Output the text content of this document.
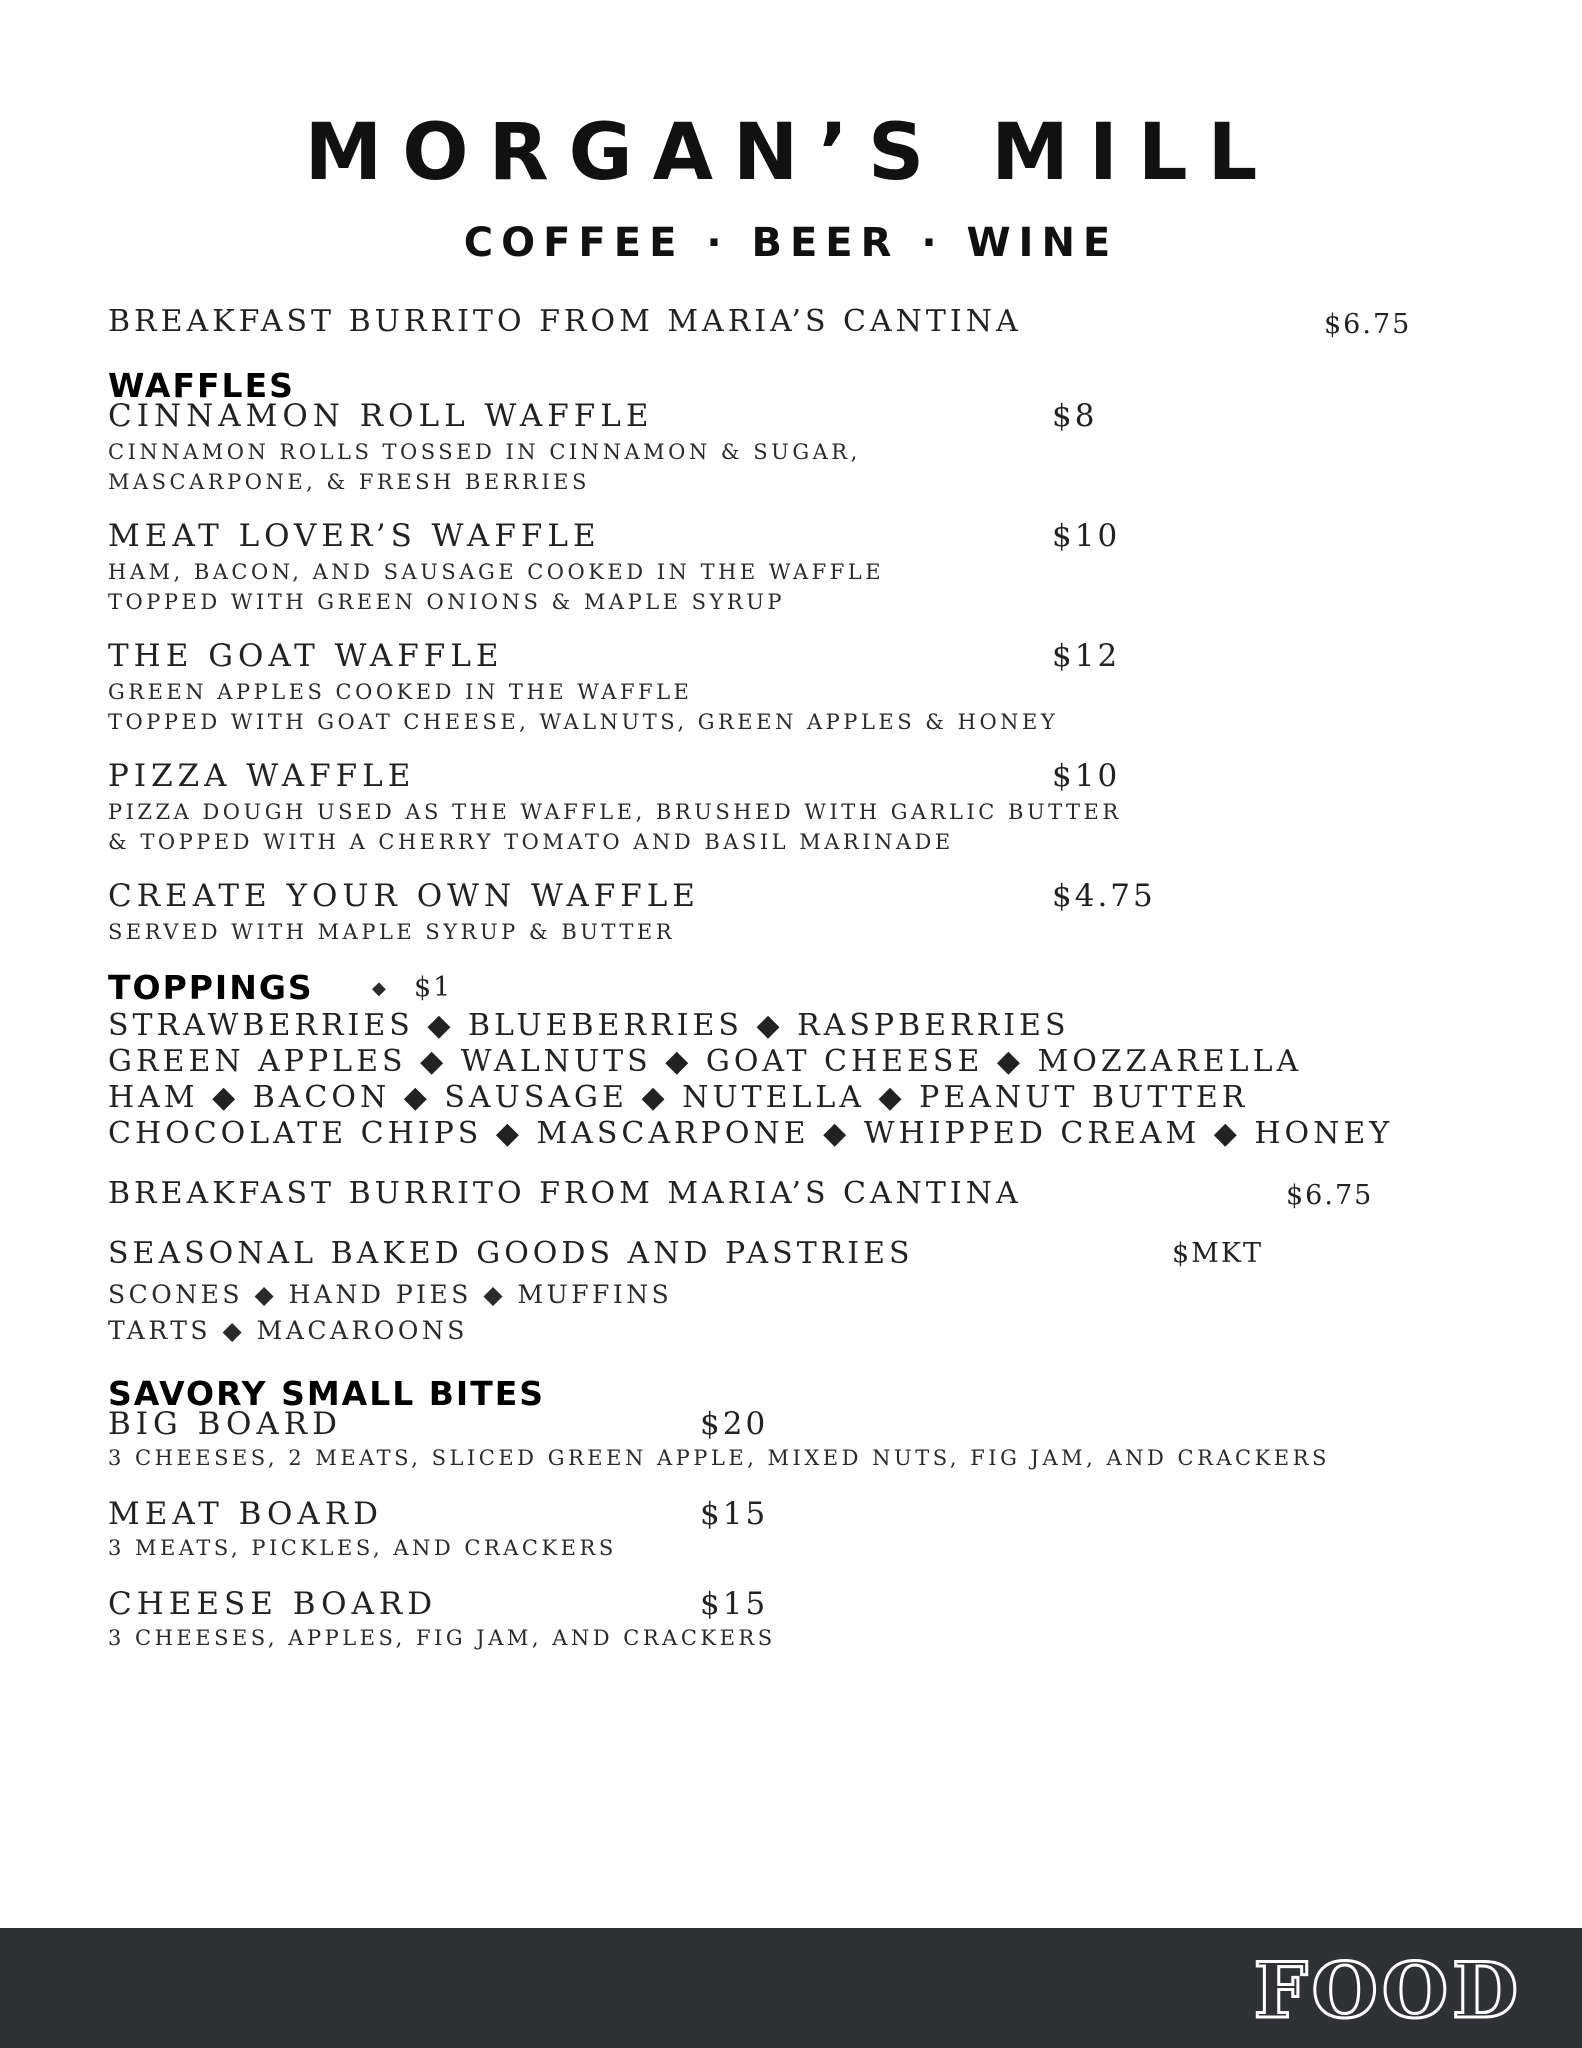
MORGAN’S MILL
COFFEE · BEER · WINE
BREAKFAST BURRITO FROM MARIA’S CANTINA	$6.75
WAFFLES
CINNAMON ROLL WAFFLE	$8
CINNAMON ROLLS TOSSED IN CINNAMON & SUGAR,
MASCARPONE, & FRESH BERRIES
MEAT LOVER’S WAFFLE	$10
HAM, BACON, AND SAUSAGE COOKED IN THE WAFFLE
TOPPED WITH GREEN ONIONS & MAPLE SYRUP
THE GOAT WAFFLE	$12
GREEN APPLES COOKED IN THE WAFFLE
TOPPED WITH GOAT CHEESE, WALNUTS, GREEN APPLES & HONEY
PIZZA WAFFLE	$10
PIZZA DOUGH USED AS THE WAFFLE, BRUSHED WITH GARLIC BUTTER
& TOPPED WITH A CHERRY TOMATO AND BASIL MARINADE
CREATE YOUR OWN WAFFLE	$4.75
SERVED WITH MAPLE SYRUP & BUTTER
TOPPINGS	◆ $1
STRAWBERRIES ◆ BLUEBERRIES ◆ RASPBERRIES
GREEN APPLES ◆ WALNUTS ◆ GOAT CHEESE ◆ MOZZARELLA
HAM ◆ BACON ◆ SAUSAGE ◆ NUTELLA ◆ PEANUT BUTTER
CHOCOLATE CHIPS ◆ MASCARPONE ◆ WHIPPED CREAM ◆ HONEY
BREAKFAST BURRITO FROM MARIA’S CANTINA	$6.75
SEASONAL BAKED GOODS AND PASTRIES	$MKT
SCONES ◆ HAND PIES ◆ MUFFINS
TARTS ◆ MACAROONS
SAVORY SMALL BITES
BIG BOARD	$20
3 CHEESES, 2 MEATS, SLICED GREEN APPLE, MIXED NUTS, FIG JAM, AND CRACKERS
MEAT BOARD	$15
3 MEATS, PICKLES, AND CRACKERS
CHEESE BOARD	$15
3 CHEESES, APPLES, FIG JAM, AND CRACKERS
FOOD
